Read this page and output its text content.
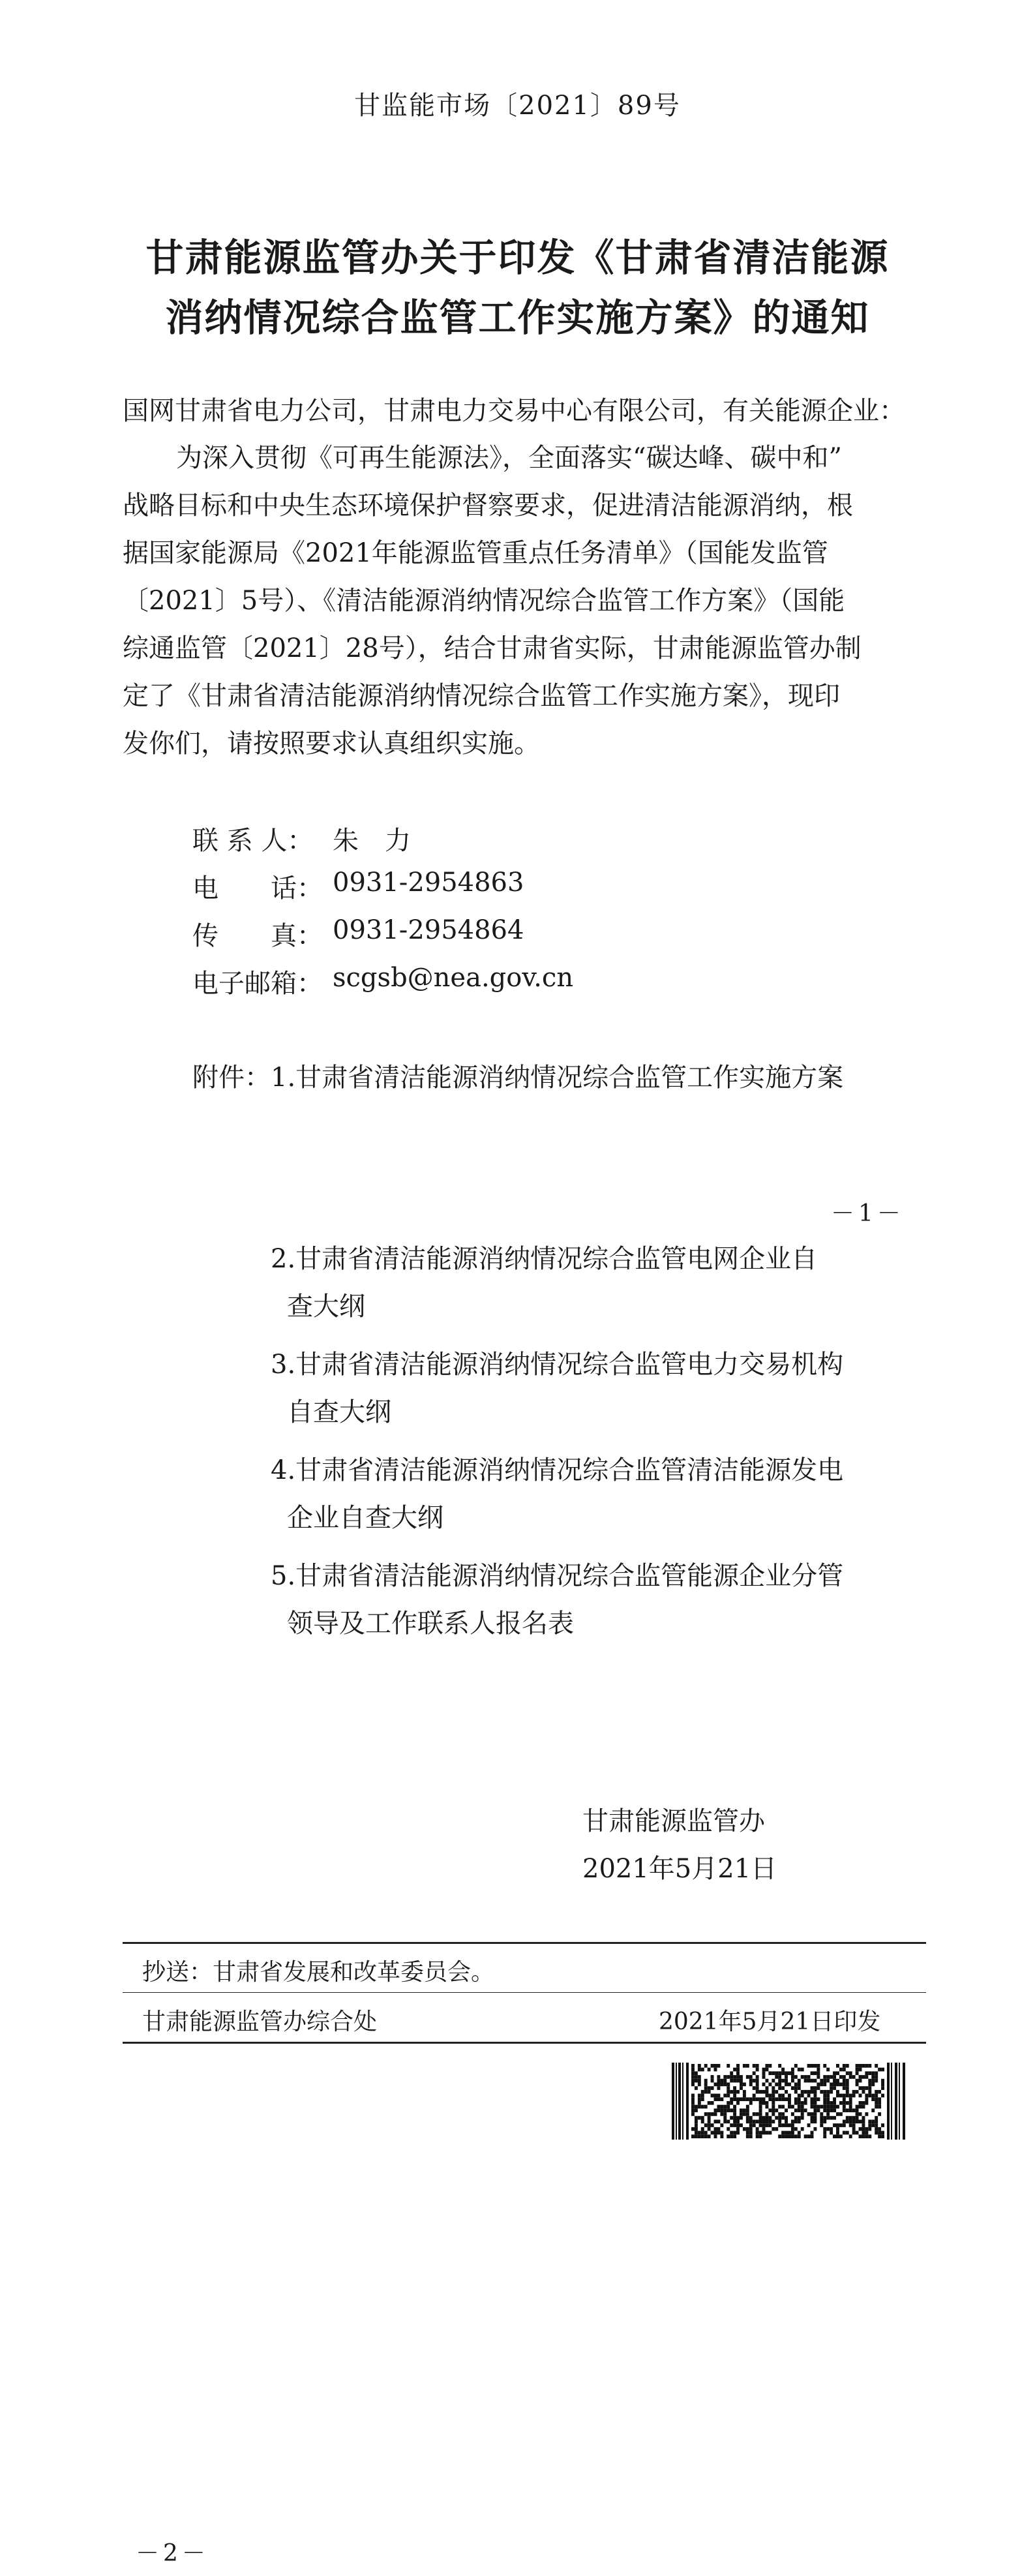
甘监能市场〔2021〕89号
甘肃能源监管办关于印发《甘肃省清洁能源
消纳情况综合监管工作实施方案》的通知
国网甘肃省电力公司，甘肃电力交易中心有限公司，有关能源企业：
为深入贯彻《可再生能源法》，全面落实“碳达峰、碳中和”
战略目标和中央生态环境保护督察要求，促进清洁能源消纳，根
据国家能源局《2021年能源监管重点任务清单》（国能发监管
〔2021〕5号）、《清洁能源消纳情况综合监管工作方案》（国能
综通监管〔2021〕28号），结合甘肃省实际，甘肃能源监管办制
定了《甘肃省清洁能源消纳情况综合监管工作实施方案》，现印
发你们，请按照要求认真组织实施。
联 系 人： 朱　力
电　　话： 0931-2954863
传　　真： 0931-2954864
电子邮箱： scgsb@nea.gov.cn
附件： 1.甘肃省清洁能源消纳情况综合监管工作实施方案
－1－
2.甘肃省清洁能源消纳情况综合监管电网企业自
查大纲
3.甘肃省清洁能源消纳情况综合监管电力交易机构
自查大纲
4.甘肃省清洁能源消纳情况综合监管清洁能源发电
企业自查大纲
5.甘肃省清洁能源消纳情况综合监管能源企业分管
领导及工作联系人报名表
甘肃能源监管办
2021年5月21日
抄送：甘肃省发展和改革委员会。
甘肃能源监管办综合处	2021年5月21日印发
－2－
